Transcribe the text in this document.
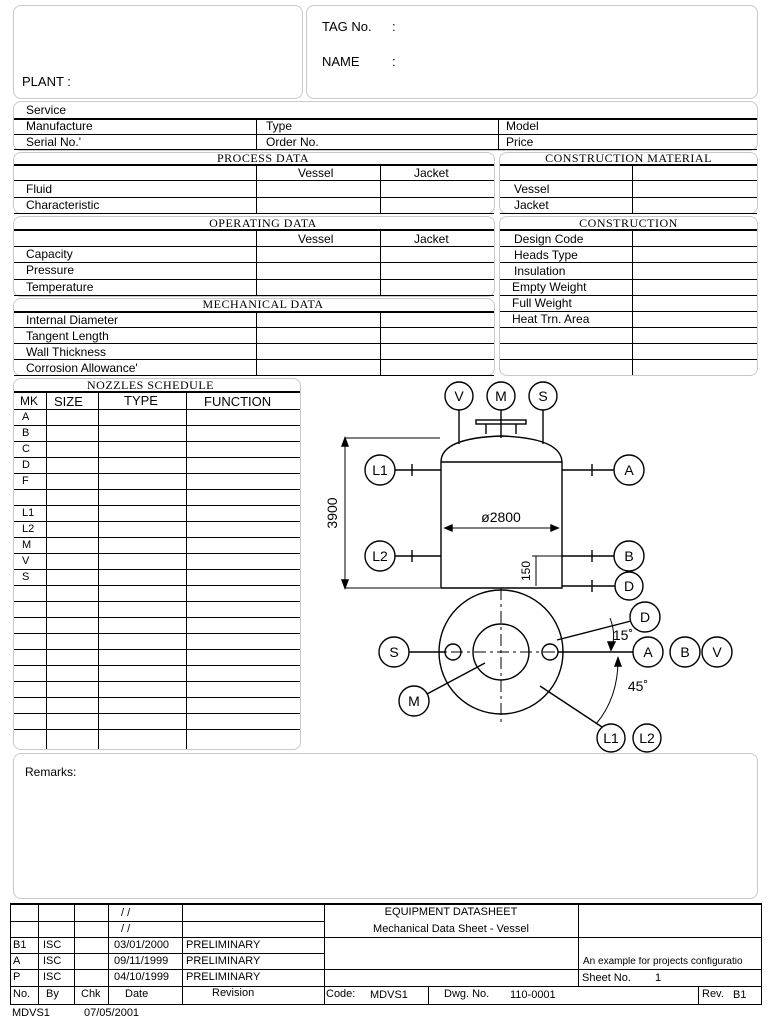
TAG No. :
NAME :
PLANT :
Service
Manufacture	Type	Model
Serial No.'	Order No.	Price
PROCESS DATA
Vessel	Jacket
Fluid
Characteristic
CONSTRUCTION MATERIAL
Vessel
Jacket
OPERATING DATA
Vessel	Jacket
Capacity
Pressure
Temperature
CONSTRUCTION
Design Code
Heads Type
Insulation
Empty Weight
Full Weight
Heat Trn. Area
MECHANICAL DATA
Internal Diameter
Tangent Length
Wall Thickness
Corrosion Allowance'
NOZZLES SCHEDULE
MK SIZE	TYPE	FUNCTION
A
B
C
D
F
L1
L2
M
V
S
V M S
L1	A
L2	B
D
D
S	A B V
M
L1 L2
ø2800
15˚
45˚
3900
150
Remarks:
/ /
/ /
B1 ISC	03/01/2000 PRELIMINARY
A ISC	09/11/1999 PRELIMINARY
P ISC	04/10/1999 PRELIMINARY
No. By Chk Date	Revision
EQUIPMENT DATASHEET
Mechanical Data Sheet - Vessel
An example for projects configuratio
Sheet No. 1
Code: MDVS1	Dwg. No. 110-0001	Rev. B1
MDVS1	07/05/2001
